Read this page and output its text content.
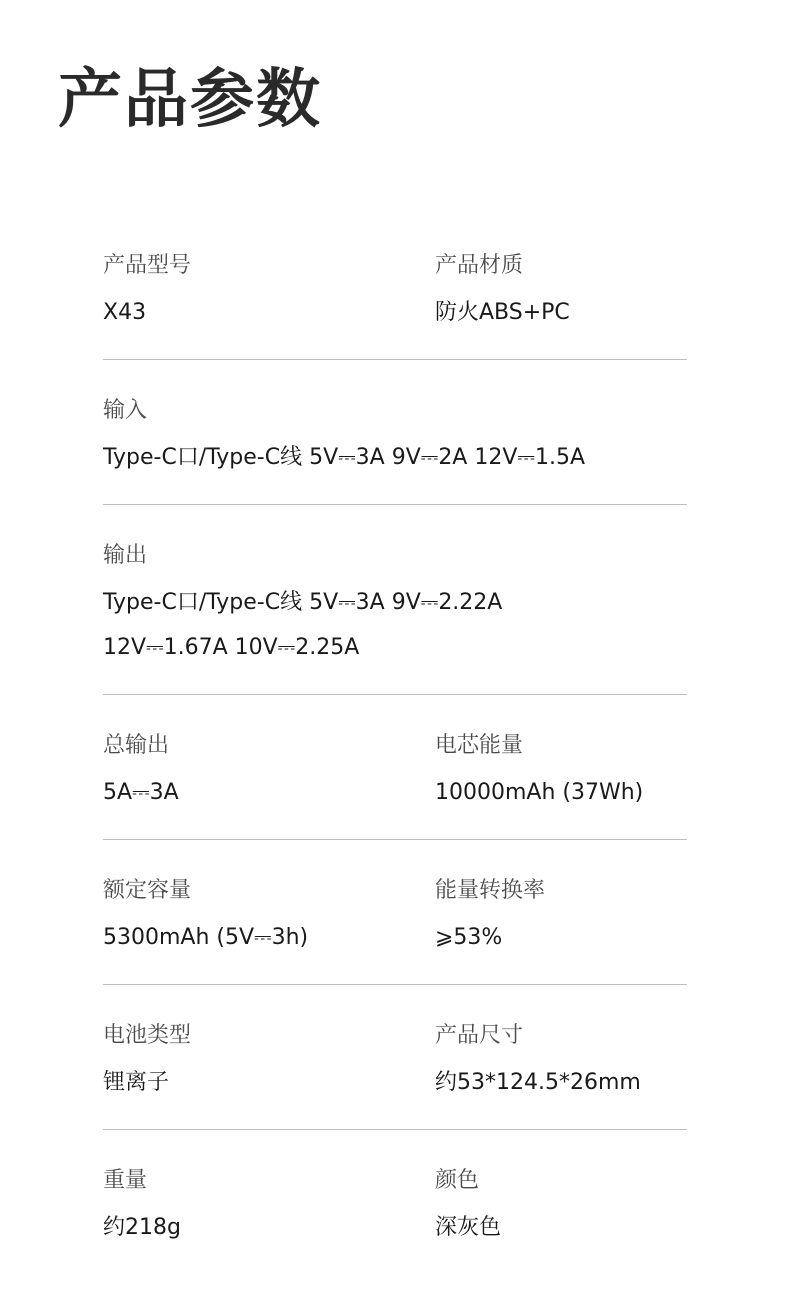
产品参数
产品型号
X43
产品材质
防火ABS+PC
输入
Type-C口/Type-C线 5V⎓3A 9V⎓2A 12V⎓1.5A
输出
Type-C口/Type-C线 5V⎓3A 9V⎓2.22A
12V⎓1.67A 10V⎓2.25A
总输出
5A⎓3A
电芯能量
10000mAh (37Wh)
额定容量
5300mAh (5V⎓3h)
能量转换率
⩾53%
电池类型
锂离子
产品尺寸
约53*124.5*26mm
重量
约218g
颜色
深灰色
